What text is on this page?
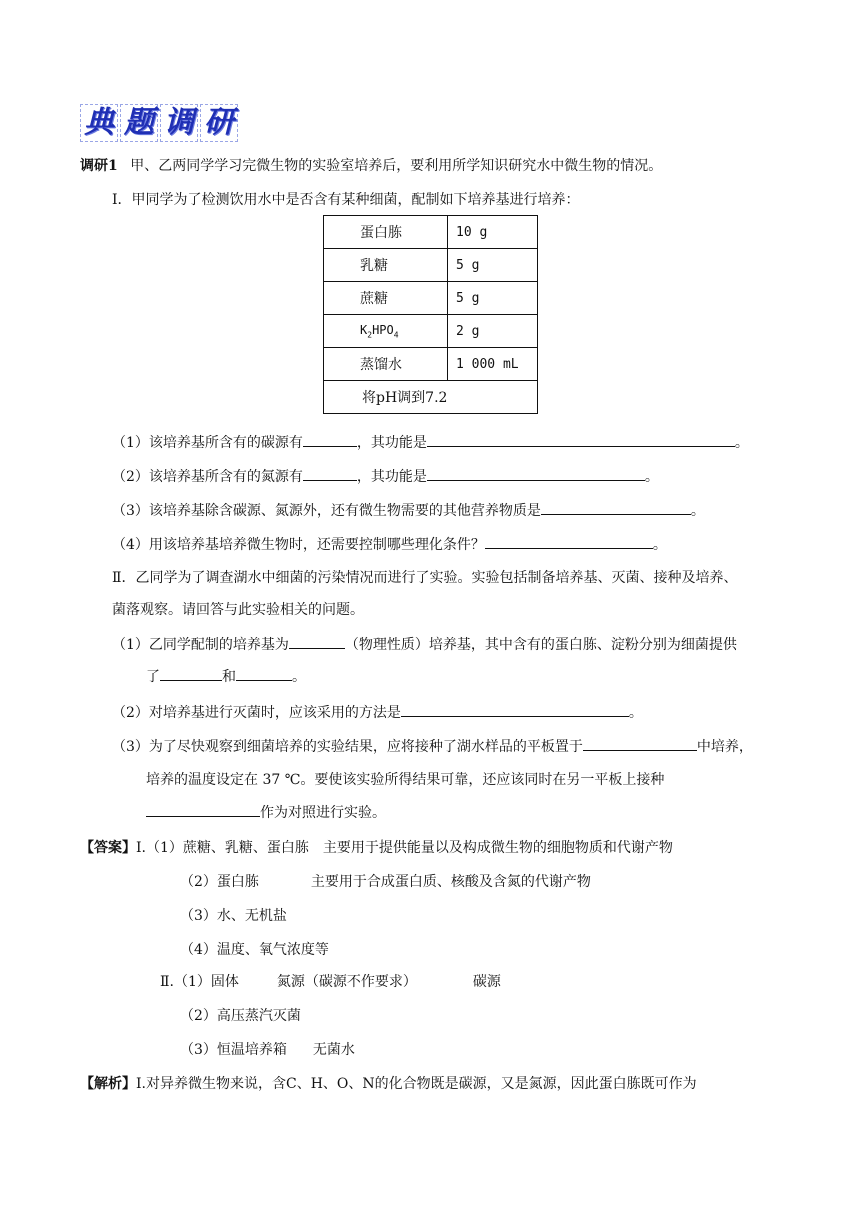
典 题 调 研
调研1 甲、乙两同学学习完微生物的实验室培养后，要利用所学知识研究水中微生物的情况。
Ⅰ．甲同学为了检测饮用水中是否含有某种细菌，配制如下培养基进行培养：
蛋白胨	10 g
乳糖	5 g
蔗糖	5 g
$K_2HPO_4$	2 g
蒸馏水	1 000 mL
将pH调到7.2	
（1）该培养基所含有的碳源有	，其功能是	。
（2）该培养基所含有的氮源有	，其功能是	。
（3）该培养基除含碳源、氮源外，还有微生物需要的其他营养物质是	。
（4）用该培养基培养微生物时，还需要控制哪些理化条件？	。
Ⅱ．乙同学为了调查湖水中细菌的污染情况而进行了实验。实验包括制备培养基、灭菌、接种及培养、
菌落观察。请回答与此实验相关的问题。
（1）乙同学配制的培养基为	（物理性质）培养基，其中含有的蛋白胨、淀粉分别为细菌提供
了	和	。
（2）对培养基进行灭菌时，应该采用的方法是	。
（3）为了尽快观察到细菌培养的实验结果，应将接种了湖水样品的平板置于	中培养，
培养的温度设定在 37 ℃。要使该实验所得结果可靠，还应该同时在另一平板上接种
作为对照进行实验。
【答案】Ⅰ.（1）蔗糖、乳糖、蛋白胨　主要用于提供能量以及构成微生物的细胞物质和代谢产物
（2）蛋白胨	主要用于合成蛋白质、核酸及含氮的代谢产物
（3）水、无机盐
（4）温度、氧气浓度等
Ⅱ.（1）固体	氮源（碳源不作要求）	碳源
（2）高压蒸汽灭菌
（3）恒温培养箱 无菌水
【解析】Ⅰ.对异养微生物来说，含C、H、O、N的化合物既是碳源，又是氮源，因此蛋白胨既可作为
